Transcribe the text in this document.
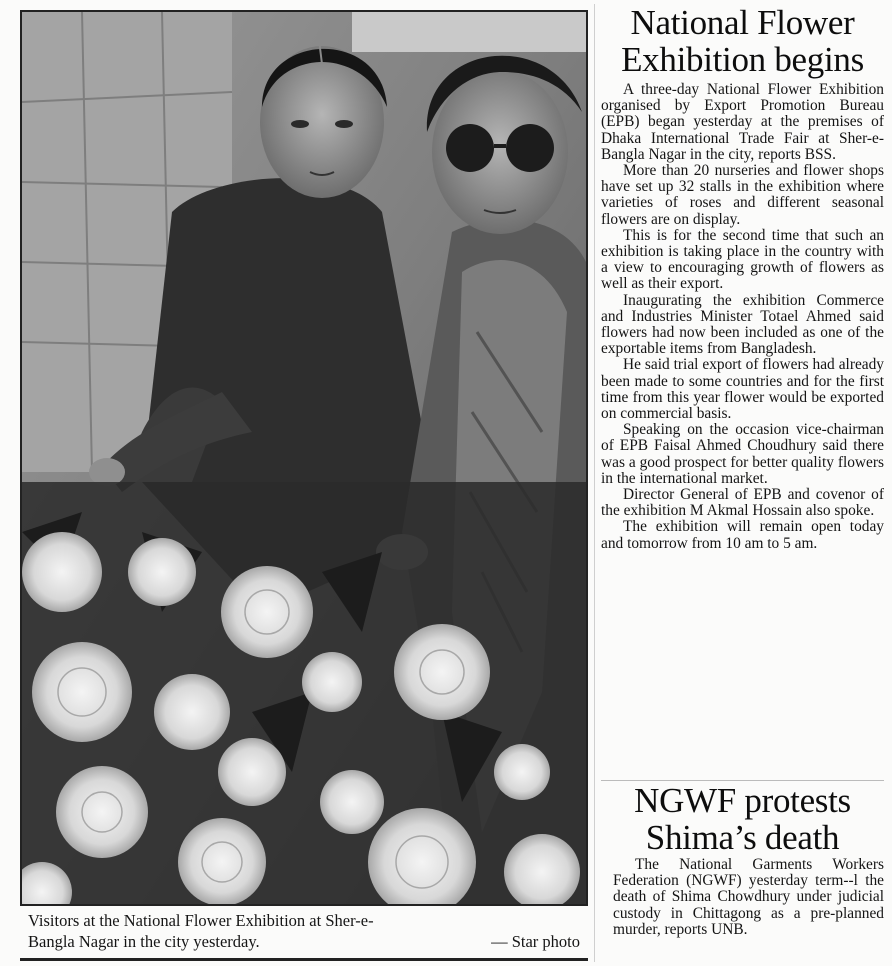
Visitors at the National Flower Exhibition at Sher-e-
Bangla Nagar in the city yesterday.	— Star photo
National Flower
Exhibition begins

A three-day National Flower Exhibition organised by Export Promotion Bureau (EPB) began yesterday at the premises of Dhaka International Trade Fair at Sher-e-Bangla Nagar in the city, reports BSS.

More than 20 nurseries and flower shops have set up 32 stalls in the exhibition where varieties of roses and different seasonal flowers are on display.

This is for the second time that such an exhibition is taking place in the country with a view to encouraging growth of flowers as well as their export.

Inaugurating the exhibition Commerce and Industries Minister Totael Ahmed said flowers had now been included as one of the exportable items from Bangladesh.

He said trial export of flowers had already been made to some countries and for the first time from this year flower would be exported on commercial basis.

Speaking on the occasion vice-chairman of EPB Faisal Ahmed Choudhury said there was a good prospect for better quality flowers in the international market.

Director General of EPB and covenor of the exhibition M Akmal Hossain also spoke.

The exhibition will remain open today and tomorrow from 10 am to 5 am.

NGWF protests
Shima’s death

The National Garments Workers Federation (NGWF) yesterday term--l the death of Shima Chowdhury under judicial custody in Chittagong as a pre-planned murder, reports UNB.
